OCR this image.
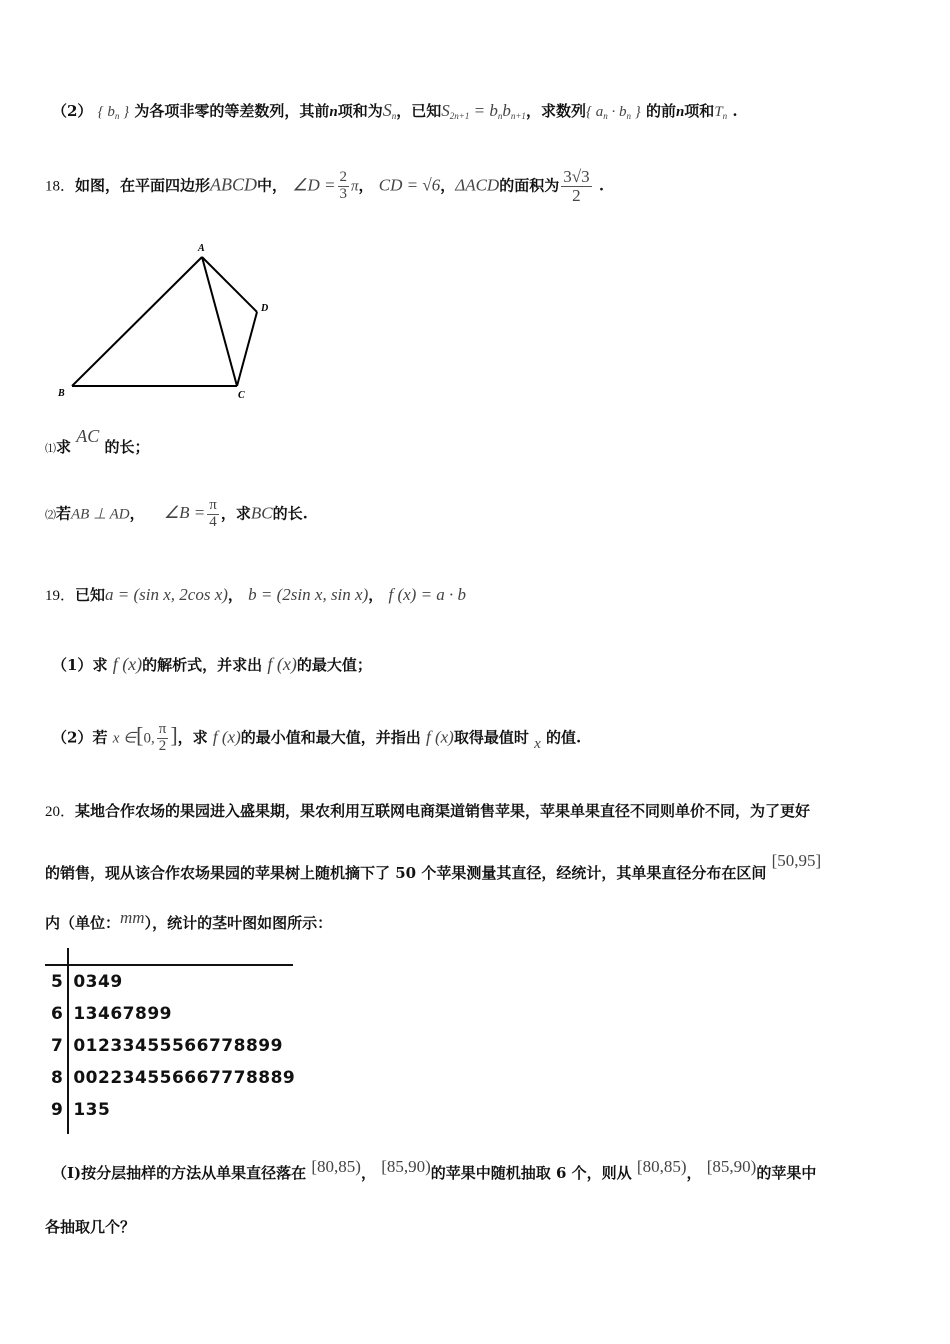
（2） { $b_n$ } 为各项非零的等差数列，其前n项和为$S_n$，已知$S_{2n+1} = b_nb_{n+1}$，求数列{ $a_n \cdot b_n$ } 的前n项和$T_n$ .
18．如图，在平面四边形ABCD中， ∠D = $\frac{2}{3}$ π， CD = √6，ΔACD的面积为 $\frac{3√3}{2}$ .
A
B	C
D
⑴求 AC 的长；
⑵若AB ⊥ AD， ∠B = $\frac{\pi}{4}$ ，求BC的长.
19．已知a = (sin x, 2cos x)， b = (2sin x, sin x)， f (x) = a · b
（1）求 f (x)的解析式，并求出 f (x)的最大值；
（2）若 x ∈[0, $\frac{\pi}{2}$ ]，求 f (x)的最小值和最大值，并指出 f (x)取得最值时 x 的值.
20．某地合作农场的果园进入盛果期，果农利用互联网电商渠道销售苹果，苹果单果直径不同则单价不同，为了更好
的销售，现从该合作农场果园的苹果树上随机摘下了 50 个苹果测量其直径，经统计，其单果直径分布在区间 [50,95]
内（单位：mm），统计的茎叶图如图所示：
5 0349
6 13467899
7 01233455566778899
8 002234556667778889
9 135
（Ⅰ)按分层抽样的方法从单果直径落在 [80,85)， [85,90)的苹果中随机抽取 6 个，则从 [80,85)， [85,90)的苹果中
各抽取几个？
